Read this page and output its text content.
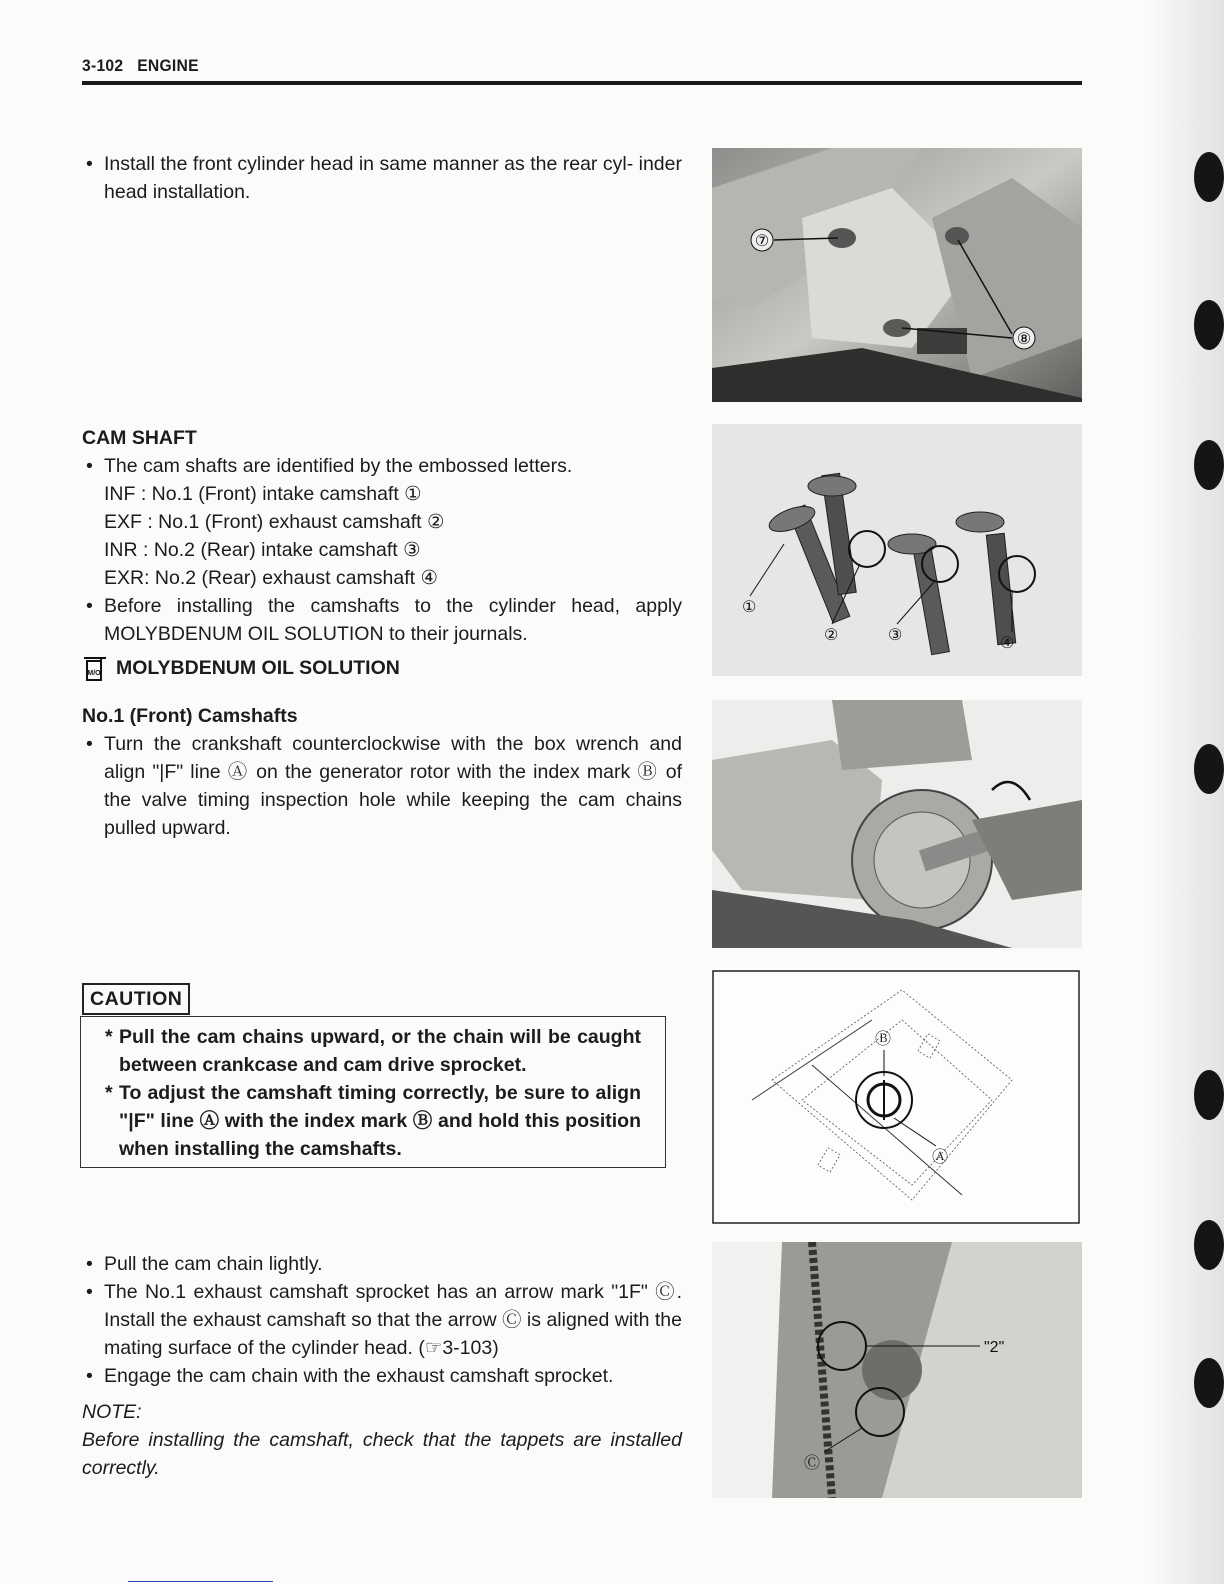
3-102 ENGINE
• Install the front cylinder head in same manner as the rear cyl- inder head installation.
CAM SHAFT
• The cam shafts are identified by the embossed letters.
INF : No.1 (Front) intake camshaft ①
EXF : No.1 (Front) exhaust camshaft ②
INR : No.2 (Rear) intake camshaft ③
EXR: No.2 (Rear) exhaust camshaft ④
• Before installing the camshafts to the cylinder head, apply MOLYBDENUM OIL SOLUTION to their journals.
M/O MOLYBDENUM OIL SOLUTION
No.1 (Front) Camshafts
• Turn the crankshaft counterclockwise with the box wrench and align "|F" line Ⓐ on the generator rotor with the index mark Ⓑ of the valve timing inspection hole while keeping the cam chains pulled upward.
* Pull the cam chains upward, or the chain will be caught between crankcase and cam drive sprocket.
* To adjust the camshaft timing correctly, be sure to align "|F" line Ⓐ with the index mark Ⓑ and hold this position when installing the camshafts.
CAUTION
• Pull the cam chain lightly.
• The No.1 exhaust camshaft sprocket has an arrow mark "1F" Ⓒ. Install the exhaust camshaft so that the arrow Ⓒ is aligned with the mating surface of the cylinder head. (☞3-103)
• Engage the cam chain with the exhaust camshaft sprocket.
NOTE:
Before installing the camshaft, check that the tappets are installed correctly.
⑦
⑧
①
②	③	④
Ⓑ
Ⓐ
"2"
Ⓒ
